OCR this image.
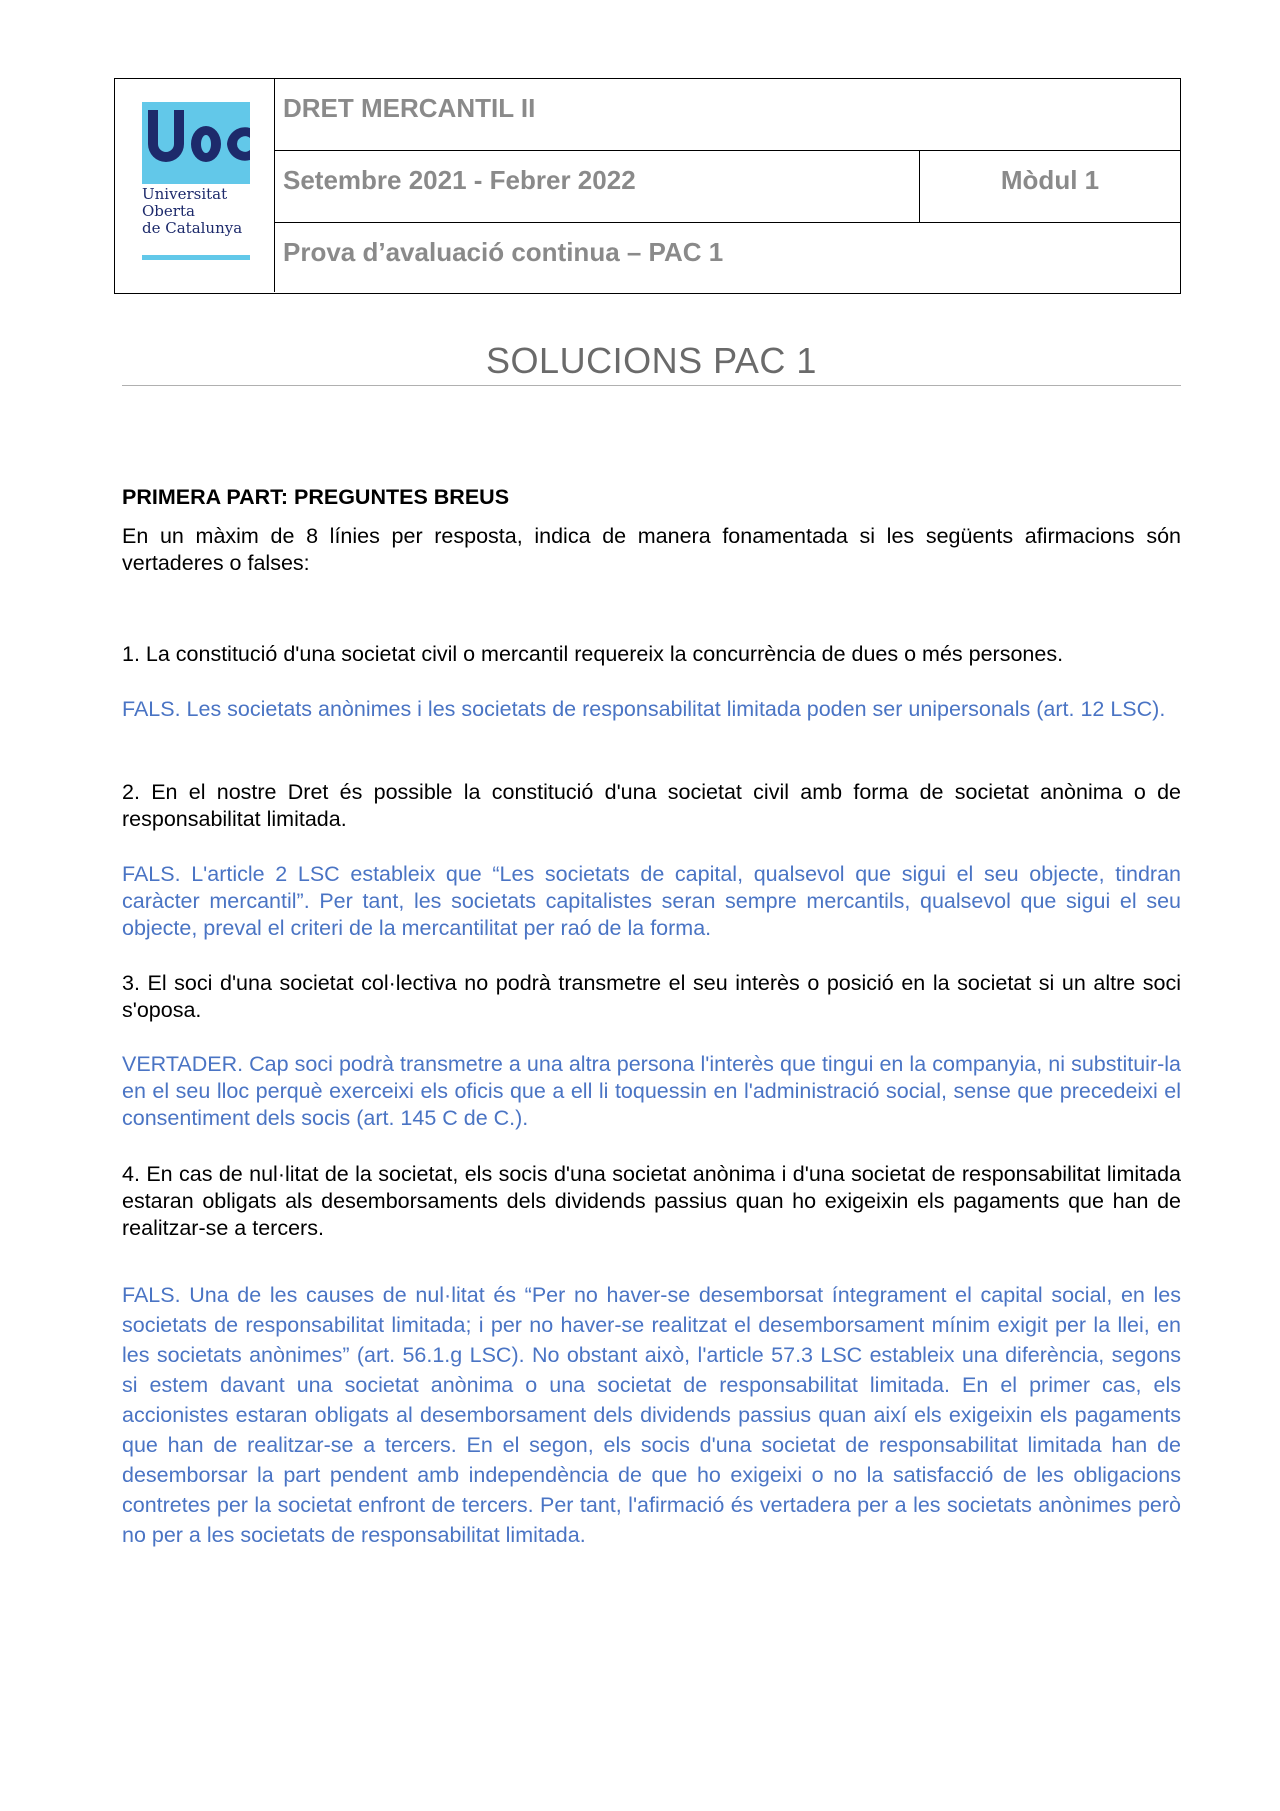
Universitat
Oberta
de Catalunya
DRET MERCANTIL II
Setembre 2021 - Febrer 2022	Mòdul 1
Prova d’avaluació continua – PAC 1
SOLUCIONS PAC 1
PRIMERA PART: PREGUNTES BREUS
En un màxim de 8 línies per resposta, indica de manera fonamentada si les següents afirmacions són vertaderes o falses:
1. La constitució d'una societat civil o mercantil requereix la concurrència de dues o més persones.
FALS. Les societats anònimes i les societats de responsabilitat limitada poden ser unipersonals (art. 12 LSC).
2. En el nostre Dret és possible la constitució d'una societat civil amb forma de societat anònima o de responsabilitat limitada.
FALS. L'article 2 LSC estableix que “Les societats de capital, qualsevol que sigui el seu objecte, tindran caràcter mercantil”. Per tant, les societats capitalistes seran sempre mercantils, qualsevol que sigui el seu objecte, preval el criteri de la mercantilitat per raó de la forma.
3. El soci d'una societat col·lectiva no podrà transmetre el seu interès o posició en la societat si un altre soci s'oposa.
VERTADER. Cap soci podrà transmetre a una altra persona l'interès que tingui en la companyia, ni substituir-la en el seu lloc perquè exerceixi els oficis que a ell li toquessin en l'administració social, sense que precedeixi el consentiment dels socis (art. 145 C de C.).
4. En cas de nul·litat de la societat, els socis d'una societat anònima i d'una societat de responsabilitat limitada estaran obligats als desemborsaments dels dividends passius quan ho exigeixin els pagaments que han de realitzar-se a tercers.
FALS. Una de les causes de nul·litat és “Per no haver-se desemborsat íntegrament el capital social, en les societats de responsabilitat limitada; i per no haver-se realitzat el desemborsament mínim exigit per la llei, en les societats anònimes” (art. 56.1.g LSC). No obstant això, l'article 57.3 LSC estableix una diferència, segons si estem davant una societat anònima o una societat de responsabilitat limitada. En el primer cas, els accionistes estaran obligats al desemborsament dels dividends passius quan així els exigeixin els pagaments que han de realitzar-se a tercers. En el segon, els socis d'una societat de responsabilitat limitada han de desemborsar la part pendent amb independència de que ho exigeixi o no la satisfacció de les obligacions contretes per la societat enfront de tercers. Per tant, l'afirmació és vertadera per a les societats anònimes però no per a les societats de responsabilitat limitada.
